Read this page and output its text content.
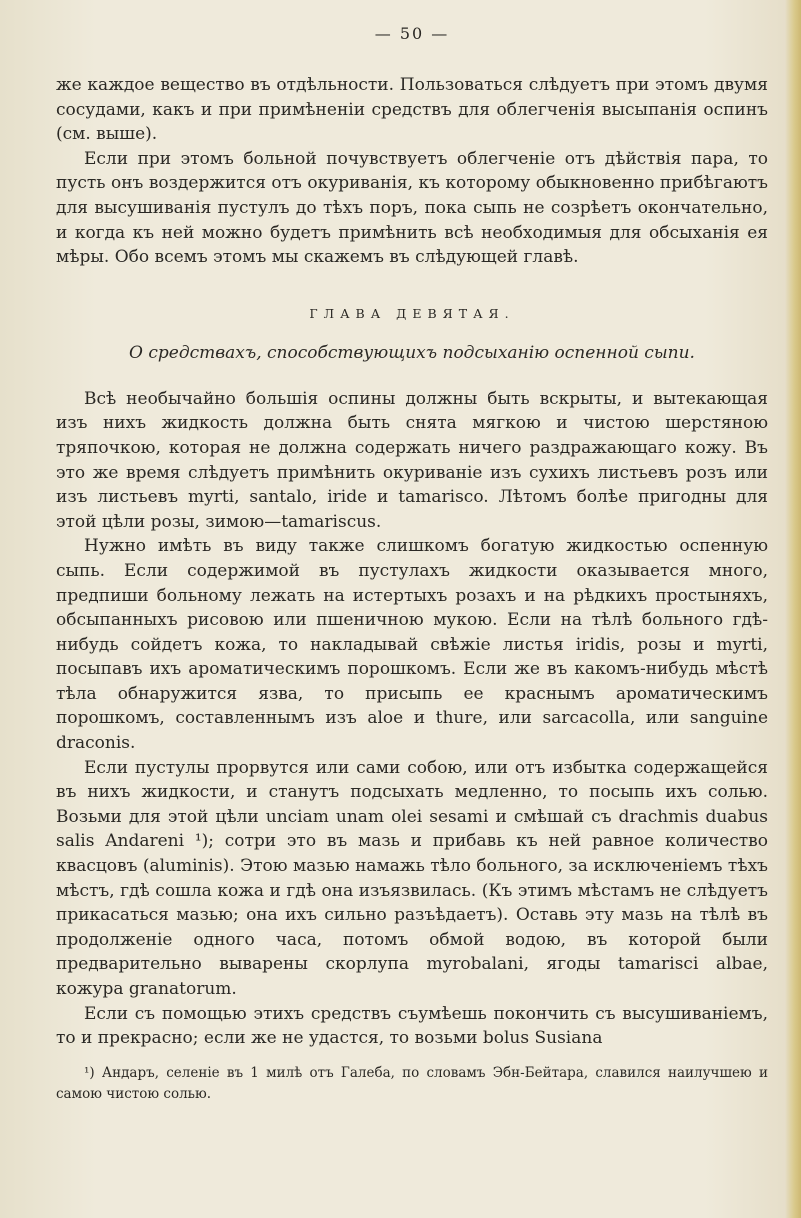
— 50 —

же каждое вещество въ отдѣльности. Пользоваться слѣдуетъ при этомъ двумя сосудами, какъ и при примѣненіи средствъ для облегченія высыпанія оспинъ (см. выше).

Если при этомъ больной почувствуетъ облегченіе отъ дѣйствія пара, то пусть онъ воздержится отъ окуриванія, къ которому обыкновенно прибѣгаютъ для высушиванія пустулъ до тѣхъ поръ, пока сыпь не созрѣетъ окончательно, и когда къ ней можно будетъ примѣнить всѣ необходимыя для обсыханія ея мѣры. Обо всемъ этомъ мы скажемъ въ слѣдующей главѣ.

ГЛАВА ДЕВЯТАЯ.
О средствахъ, способствующихъ подсыханію оспенной сыпи.

Всѣ необычайно большія оспины должны быть вскрыты, и вытекающая изъ нихъ жидкость должна быть снята мягкою и чистою шерстяною тряпочкою, которая не должна содержать ничего раздражающаго кожу. Въ это же время слѣдуетъ примѣнить окуриваніе изъ сухихъ листьевъ розъ или изъ листьевъ myrti, santalo, iride и tamarisco. Лѣтомъ болѣе пригодны для этой цѣли розы, зимою—tamariscus.

Нужно имѣть въ виду также слишкомъ богатую жидкостью оспенную сыпь. Если содержимой въ пустулахъ жидкости оказывается много, предпиши больному лежать на истертыхъ розахъ и на рѣдкихъ простыняхъ, обсыпанныхъ рисовою или пшеничною мукою. Если на тѣлѣ больного гдѣ-нибудь сойдетъ кожа, то накладывай свѣжіе листья iridis, розы и myrti, посыпавъ ихъ ароматическимъ порошкомъ. Если же въ какомъ-нибудь мѣстѣ тѣла обнаружится язва, то присыпь ее краснымъ ароматическимъ порошкомъ, составленнымъ изъ aloe и thure, или sarcacolla, или sanguine draconis.

Если пустулы прорвутся или сами собою, или отъ избытка содержащейся въ нихъ жидкости, и станутъ подсыхать медленно, то посыпь ихъ солью. Возьми для этой цѣли unciam unam olei sesami и смѣшай съ drachmis duabus salis Andareni ¹); сотри это въ мазь и прибавь къ ней равное количество квасцовъ (aluminis). Этою мазью намажь тѣло больного, за исключеніемъ тѣхъ мѣстъ, гдѣ сошла кожа и гдѣ она изъязвилась. (Къ этимъ мѣстамъ не слѣдуетъ прикасаться мазью; она ихъ сильно разъѣдаетъ). Оставь эту мазь на тѣлѣ въ продолженіе одного часа, потомъ обмой водою, въ которой были предварительно выварены скорлупа myrobalani, ягоды tamarisci albae, кожура granatorum.

Если съ помощью этихъ средствъ съумѣешь покончить съ высушиваніемъ, то и прекрасно; если же не удастся, то возьми bolus Susiana

¹) Андаръ, селеніе въ 1 милѣ отъ Галеба, по словамъ Эбн-Бейтара, славился наилучшею и самою чистою солью.
